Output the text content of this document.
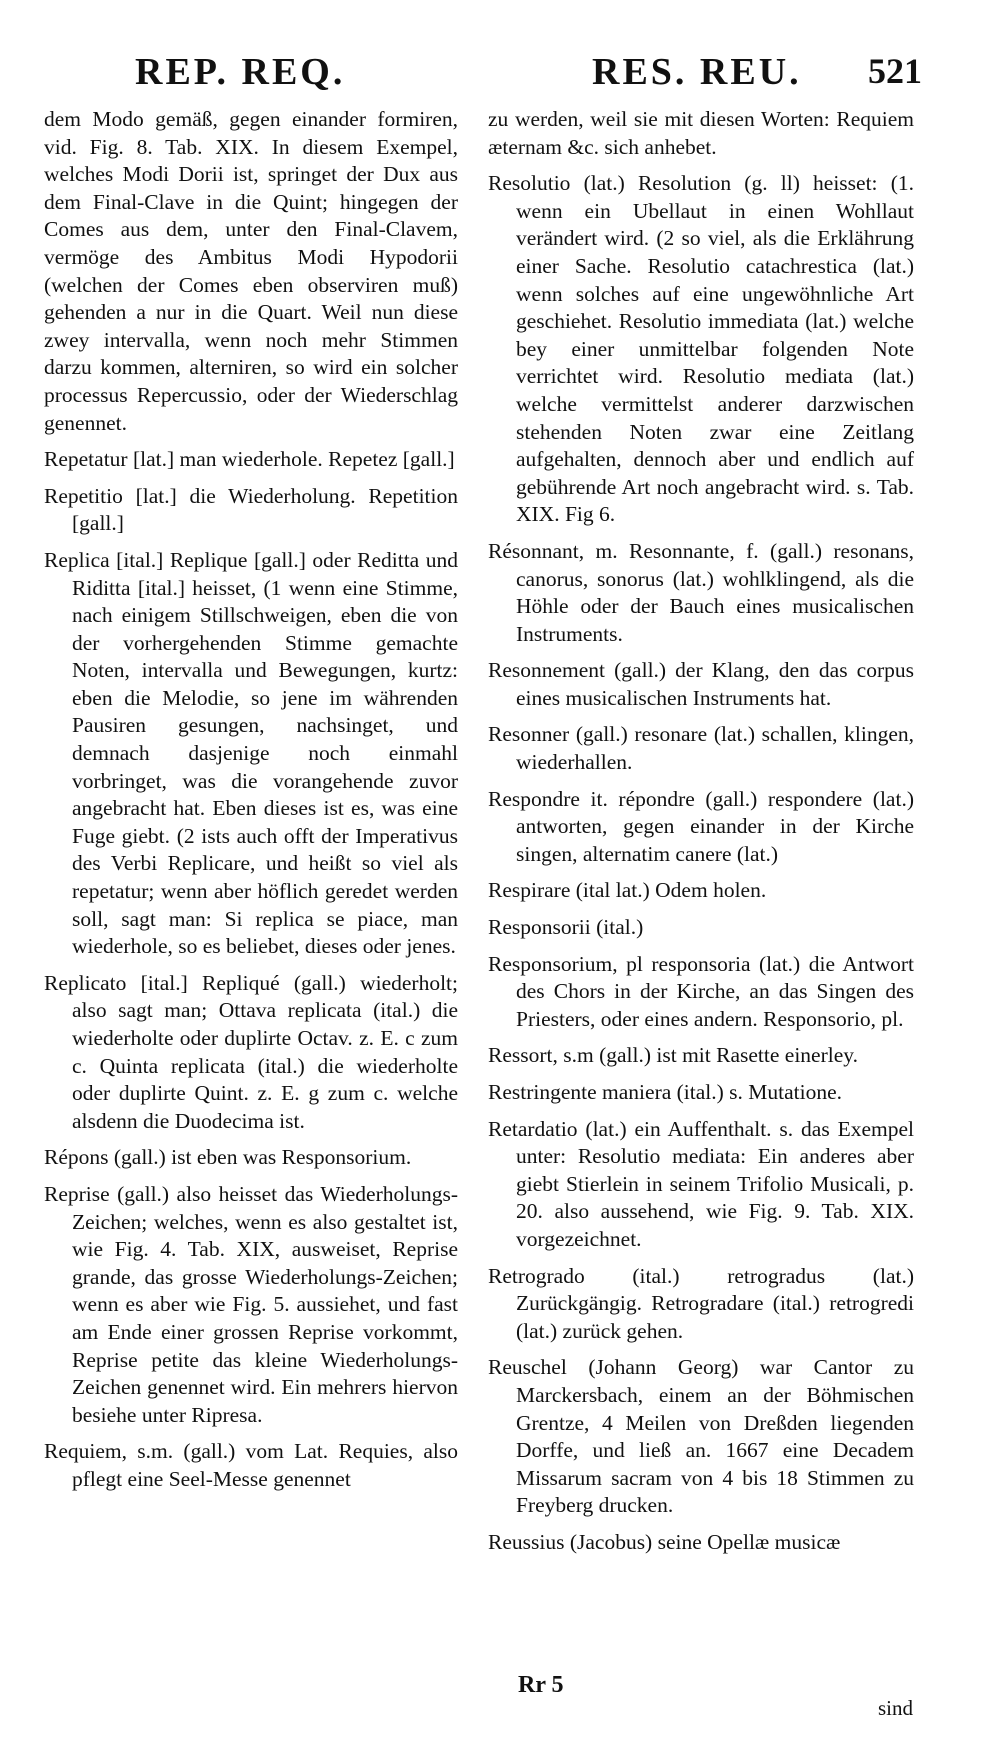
REP. REQ.	RES. REU. 521

dem Modo gemäß, gegen einander formiren, vid. Fig. 8. Tab. XIX. In diesem Exempel, welches Modi Dorii ist, springet der Dux aus dem Final-Clave in die Quint; hingegen der Comes aus dem, unter den Final-Clavem, vermöge des Ambitus Modi Hypodorii (welchen der Comes eben observiren muß) gehenden a nur in die Quart. Weil nun diese zwey intervalla, wenn noch mehr Stimmen darzu kommen, alterniren, so wird ein solcher processus Repercussio, oder der Wiederschlag genennet.

Repetatur [lat.] man wiederhole. Repetez [gall.]

Repetitio [lat.] die Wiederholung. Repetition [gall.]

Replica [ital.] Replique [gall.] oder Reditta und Riditta [ital.] heisset, (1 wenn eine Stimme, nach einigem Stillschweigen, eben die von der vorhergehenden Stimme gemachte Noten, intervalla und Bewegungen, kurtz: eben die Melodie, so jene im währenden Pausiren gesungen, nachsinget, und demnach dasjenige noch einmahl vorbringet, was die vorangehende zuvor angebracht hat. Eben dieses ist es, was eine Fuge giebt. (2 ists auch offt der Imperativus des Verbi Replicare, und heißt so viel als repetatur; wenn aber höflich geredet werden soll, sagt man: Si replica se piace, man wiederhole, so es beliebet, dieses oder jenes.

Replicato [ital.] Repliqué (gall.) wiederholt; also sagt man; Ottava replicata (ital.) die wiederholte oder duplirte Octav. z. E. c zum c. Quinta replicata (ital.) die wiederholte oder duplirte Quint. z. E. g zum c. welche alsdenn die Duodecima ist.

Répons (gall.) ist eben was Responsorium.

Reprise (gall.) also heisset das Wiederholungs-Zeichen; welches, wenn es also gestaltet ist, wie Fig. 4. Tab. XIX, ausweiset, Reprise grande, das grosse Wiederholungs-Zeichen; wenn es aber wie Fig. 5. aussiehet, und fast am Ende einer grossen Reprise vorkommt, Reprise petite das kleine Wiederholungs-Zeichen genennet wird. Ein mehrers hiervon besiehe unter Ripresa.

Requiem, s.m. (gall.) vom Lat. Requies, also pflegt eine Seel-Messe genennet

zu werden, weil sie mit diesen Worten: Requiem æternam &c. sich anhebet.

Resolutio (lat.) Resolution (g. ll) heisset: (1. wenn ein Ubellaut in einen Wohllaut verändert wird. (2 so viel, als die Erklährung einer Sache. Resolutio catachrestica (lat.) wenn solches auf eine ungewöhnliche Art geschiehet. Resolutio immediata (lat.) welche bey einer unmittelbar folgenden Note verrichtet wird. Resolutio mediata (lat.) welche vermittelst anderer darzwischen stehenden Noten zwar eine Zeitlang aufgehalten, dennoch aber und endlich auf gebührende Art noch angebracht wird. s. Tab. XIX. Fig 6.

Résonnant, m. Resonnante, f. (gall.) resonans, canorus, sonorus (lat.) wohlklingend, als die Höhle oder der Bauch eines musicalischen Instruments.

Resonnement (gall.) der Klang, den das corpus eines musicalischen Instruments hat.

Resonner (gall.) resonare (lat.) schallen, klingen, wiederhallen.

Respondre it. répondre (gall.) respondere (lat.) antworten, gegen einander in der Kirche singen, alternatim canere (lat.)

Respirare (ital lat.) Odem holen.

Responsorii (ital.)

Responsorium, pl responsoria (lat.) die Antwort des Chors in der Kirche, an das Singen des Priesters, oder eines andern. Responsorio, pl.

Ressort, s.m (gall.) ist mit Rasette einerley.

Restringente maniera (ital.) s. Mutatione.

Retardatio (lat.) ein Auffenthalt. s. das Exempel unter: Resolutio mediata: Ein anderes aber giebt Stierlein in seinem Trifolio Musicali, p. 20. also aussehend, wie Fig. 9. Tab. XIX. vorgezeichnet.

Retrogrado (ital.) retrogradus (lat.) Zurückgängig. Retrogradare (ital.) retrogredi (lat.) zurück gehen.

Reuschel (Johann Georg) war Cantor zu Marckersbach, einem an der Böhmischen Grentze, 4 Meilen von Dreßden liegenden Dorffe, und ließ an. 1667 eine Decadem Missarum sacram von 4 bis 18 Stimmen zu Freyberg drucken.

Reussius (Jacobus) seine Opellæ musicæ

Rr 5
sind
